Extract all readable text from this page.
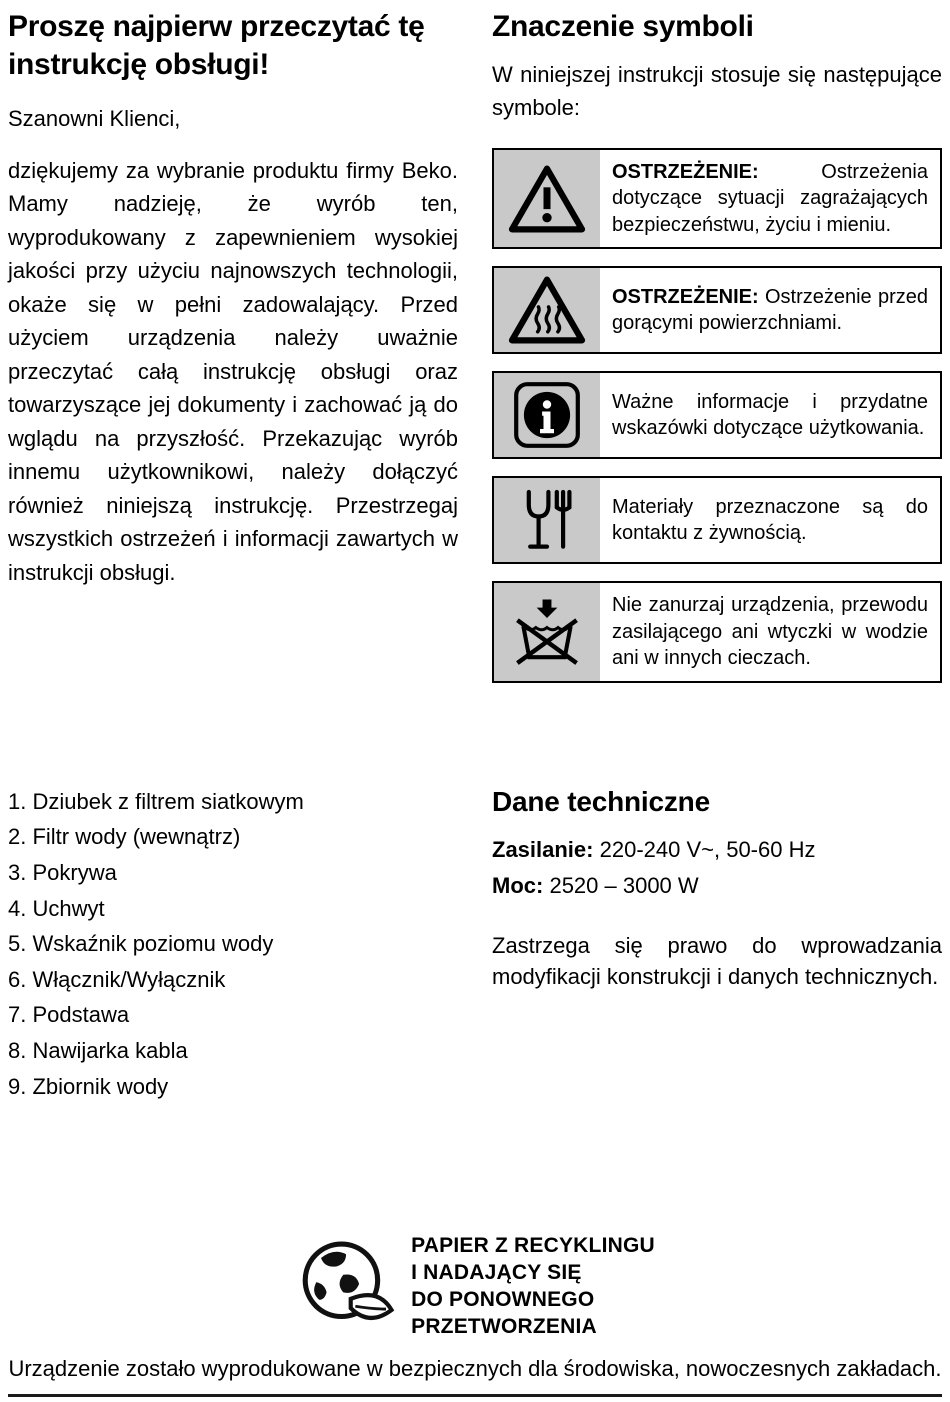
Proszę najpierw przeczytać tę instrukcję obsługi!

Szanowni Klienci,

dziękujemy za wybranie produktu firmy Beko. Mamy nadzieję, że wyrób ten, wyprodukowany z zapewnieniem wysokiej jakości przy użyciu najnowszych technologii, okaże się w pełni zadowalający. Przed użyciem urządzenia należy uważnie przeczytać całą instrukcję obsługi oraz towarzyszące jej dokumenty i zachować ją do wglądu na przyszłość. Przekazując wyrób innemu użytkownikowi, należy dołączyć również niniejszą instrukcję. Przestrzegaj wszystkich ostrzeżeń i informacji zawartych w instrukcji obsługi.

Znaczenie symboli

W niniejszej instrukcji stosuje się następujące symbole:

OSTRZEŻENIE:	Ostrzeżenia dotyczące sytuacji zagrażających bezpieczeństwu, życiu i mieniu.
OSTRZEŻENIE: Ostrzeżenie przed gorącymi powierzchniami.
Ważne informacje i przydatne wskazówki dotyczące użytkowania.
Materiały przeznaczone są do kontaktu z żywnością.
Nie zanurzaj urządzenia, przewodu zasilającego ani wtyczki w wodzie ani w innych cieczach.
1. Dziubek z filtrem siatkowym
2. Filtr wody (wewnątrz)
3. Pokrywa
4. Uchwyt
5. Wskaźnik poziomu wody
6. Włącznik/Wyłącznik
7. Podstawa
8. Nawijarka kabla
9. Zbiornik wody
Dane techniczne

Zasilanie: 220-240 V~, 50-60 Hz

Moc: 2520 – 3000 W

Zastrzega się prawo do wprowadzania modyfikacji konstrukcji i danych technicznych.

PAPIER Z RECYKLINGU
I NADAJĄCY SIĘ
DO PONOWNEGO
PRZETWORZENIA

Urządzenie zostało wyprodukowane w bezpiecznych dla środowiska, nowoczesnych zakładach.
